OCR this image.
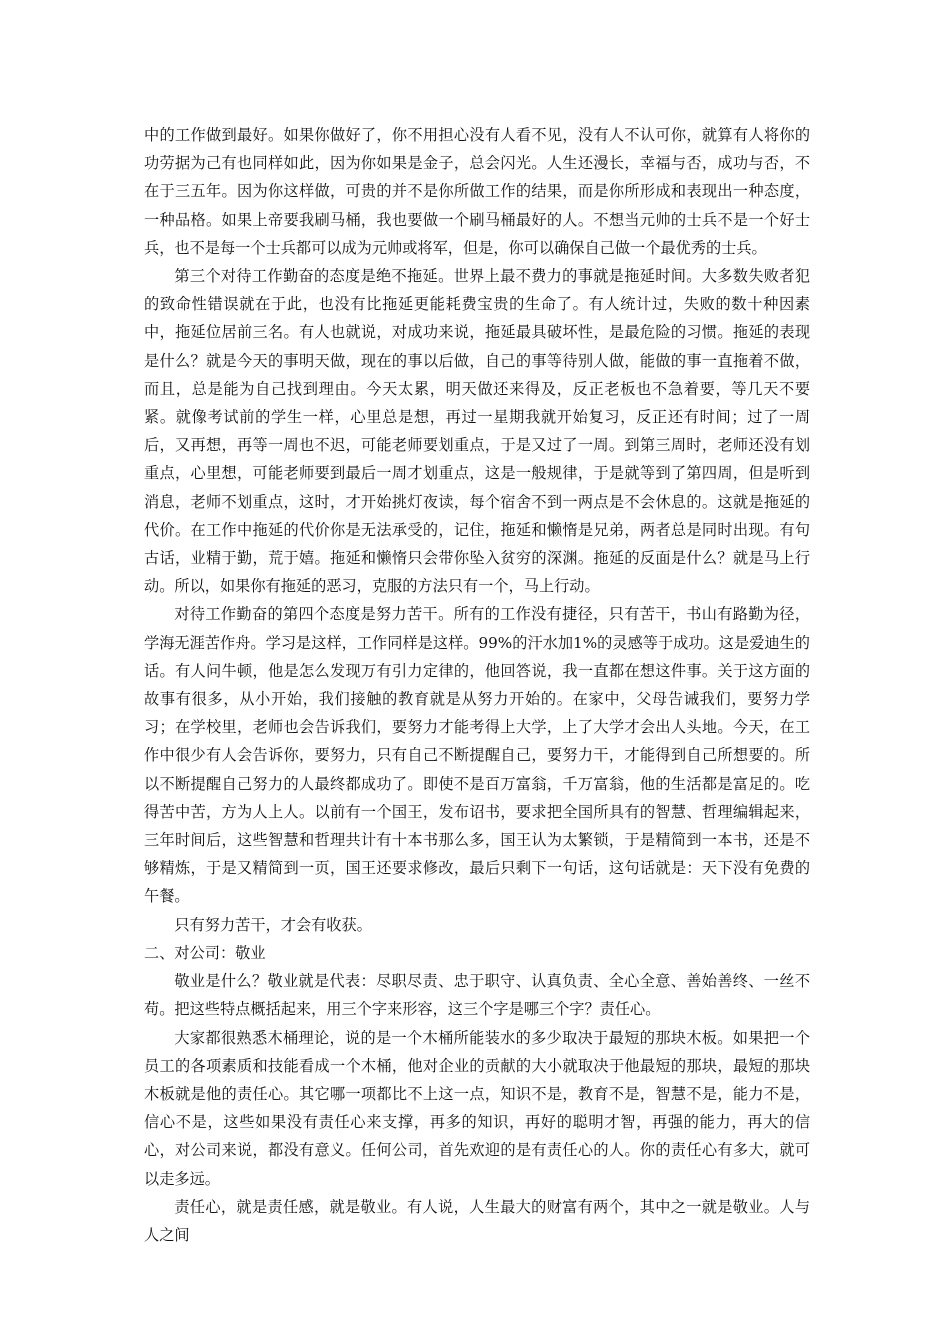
中的工作做到最好。如果你做好了，你不用担心没有人看不见，没有人不认可你，就算有人将你的功劳据为己有也同样如此，因为你如果是金子，总会闪光。人生还漫长，幸福与否，成功与否，不在于三五年。因为你这样做，可贵的并不是你所做工作的结果，而是你所形成和表现出一种态度，一种品格。如果上帝要我刷马桶，我也要做一个刷马桶最好的人。不想当元帅的士兵不是一个好士兵，也不是每一个士兵都可以成为元帅或将军，但是，你可以确保自己做一个最优秀的士兵。

第三个对待工作勤奋的态度是绝不拖延。世界上最不费力的事就是拖延时间。大多数失败者犯的致命性错误就在于此，也没有比拖延更能耗费宝贵的生命了。有人统计过，失败的数十种因素中，拖延位居前三名。有人也就说，对成功来说，拖延最具破坏性，是最危险的习惯。拖延的表现是什么？就是今天的事明天做，现在的事以后做，自己的事等待别人做，能做的事一直拖着不做，而且，总是能为自己找到理由。今天太累，明天做还来得及，反正老板也不急着要，等几天不要紧。就像考试前的学生一样，心里总是想，再过一星期我就开始复习，反正还有时间；过了一周后，又再想，再等一周也不迟，可能老师要划重点，于是又过了一周。到第三周时，老师还没有划重点，心里想，可能老师要到最后一周才划重点，这是一般规律，于是就等到了第四周，但是听到消息，老师不划重点，这时，才开始挑灯夜读，每个宿舍不到一两点是不会休息的。这就是拖延的代价。在工作中拖延的代价你是无法承受的，记住，拖延和懒惰是兄弟，两者总是同时出现。有句古话，业精于勤，荒于嬉。拖延和懒惰只会带你坠入贫穷的深渊。拖延的反面是什么？就是马上行动。所以，如果你有拖延的恶习，克服的方法只有一个，马上行动。

对待工作勤奋的第四个态度是努力苦干。所有的工作没有捷径，只有苦干，书山有路勤为径，学海无涯苦作舟。学习是这样，工作同样是这样。99%的汗水加1%的灵感等于成功。这是爱迪生的话。有人问牛顿，他是怎么发现万有引力定律的，他回答说，我一直都在想这件事。关于这方面的故事有很多，从小开始，我们接触的教育就是从努力开始的。在家中，父母告诫我们，要努力学习；在学校里，老师也会告诉我们，要努力才能考得上大学，上了大学才会出人头地。今天，在工作中很少有人会告诉你，要努力，只有自己不断提醒自己，要努力干，才能得到自己所想要的。所以不断提醒自己努力的人最终都成功了。即使不是百万富翁，千万富翁，他的生活都是富足的。吃得苦中苦，方为人上人。以前有一个国王，发布诏书，要求把全国所具有的智慧、哲理编辑起来，三年时间后，这些智慧和哲理共计有十本书那么多，国王认为太繁锁，于是精简到一本书，还是不够精炼，于是又精简到一页，国王还要求修改，最后只剩下一句话，这句话就是：天下没有免费的午餐。

只有努力苦干，才会有收获。

二、对公司：敬业

敬业是什么？敬业就是代表：尽职尽责、忠于职守、认真负责、全心全意、善始善终、一丝不苟。把这些特点概括起来，用三个字来形容，这三个字是哪三个字？责任心。

大家都很熟悉木桶理论，说的是一个木桶所能装水的多少取决于最短的那块木板。如果把一个员工的各项素质和技能看成一个木桶，他对企业的贡献的大小就取决于他最短的那块，最短的那块木板就是他的责任心。其它哪一项都比不上这一点，知识不是，教育不是，智慧不是，能力不是，信心不是，这些如果没有责任心来支撑，再多的知识，再好的聪明才智，再强的能力，再大的信心，对公司来说，都没有意义。任何公司，首先欢迎的是有责任心的人。你的责任心有多大，就可以走多远。

责任心，就是责任感，就是敬业。有人说，人生最大的财富有两个，其中之一就是敬业。人与人之间
